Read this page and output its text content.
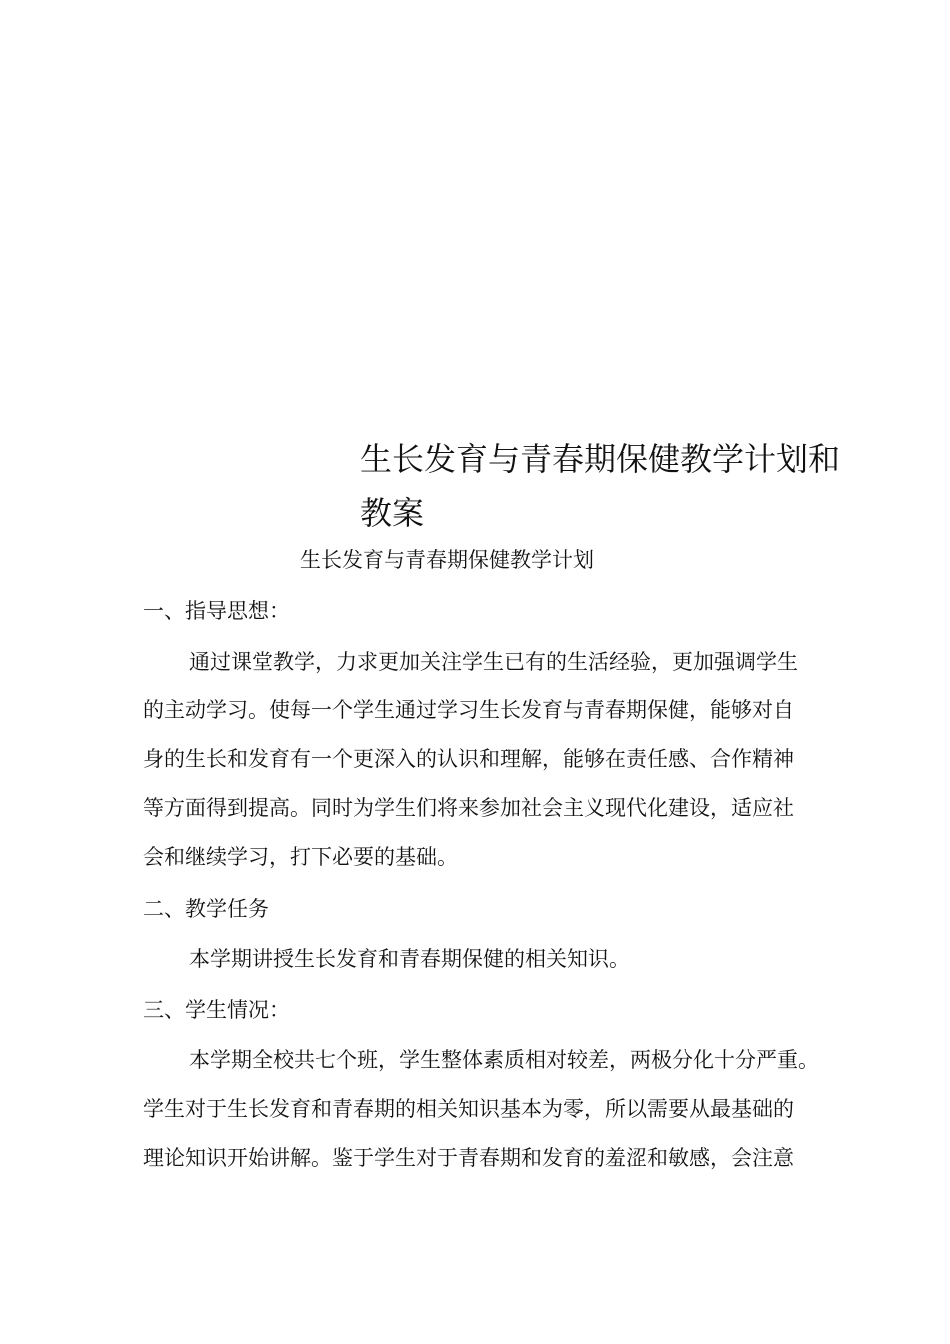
生长发育与青春期保健教学计划和
教案
生长发育与青春期保健教学计划
一、指导思想：
通过课堂教学，力求更加关注学生已有的生活经验，更加强调学生
的主动学习。使每一个学生通过学习生长发育与青春期保健，能够对自
身的生长和发育有一个更深入的认识和理解，能够在责任感、合作精神
等方面得到提高。同时为学生们将来参加社会主义现代化建设，适应社
会和继续学习，打下必要的基础。
二、教学任务
本学期讲授生长发育和青春期保健的相关知识。
三、学生情况：
本学期全校共七个班，学生整体素质相对较差，两极分化十分严重。
学生对于生长发育和青春期的相关知识基本为零，所以需要从最基础的
理论知识开始讲解。鉴于学生对于青春期和发育的羞涩和敏感，会注意
